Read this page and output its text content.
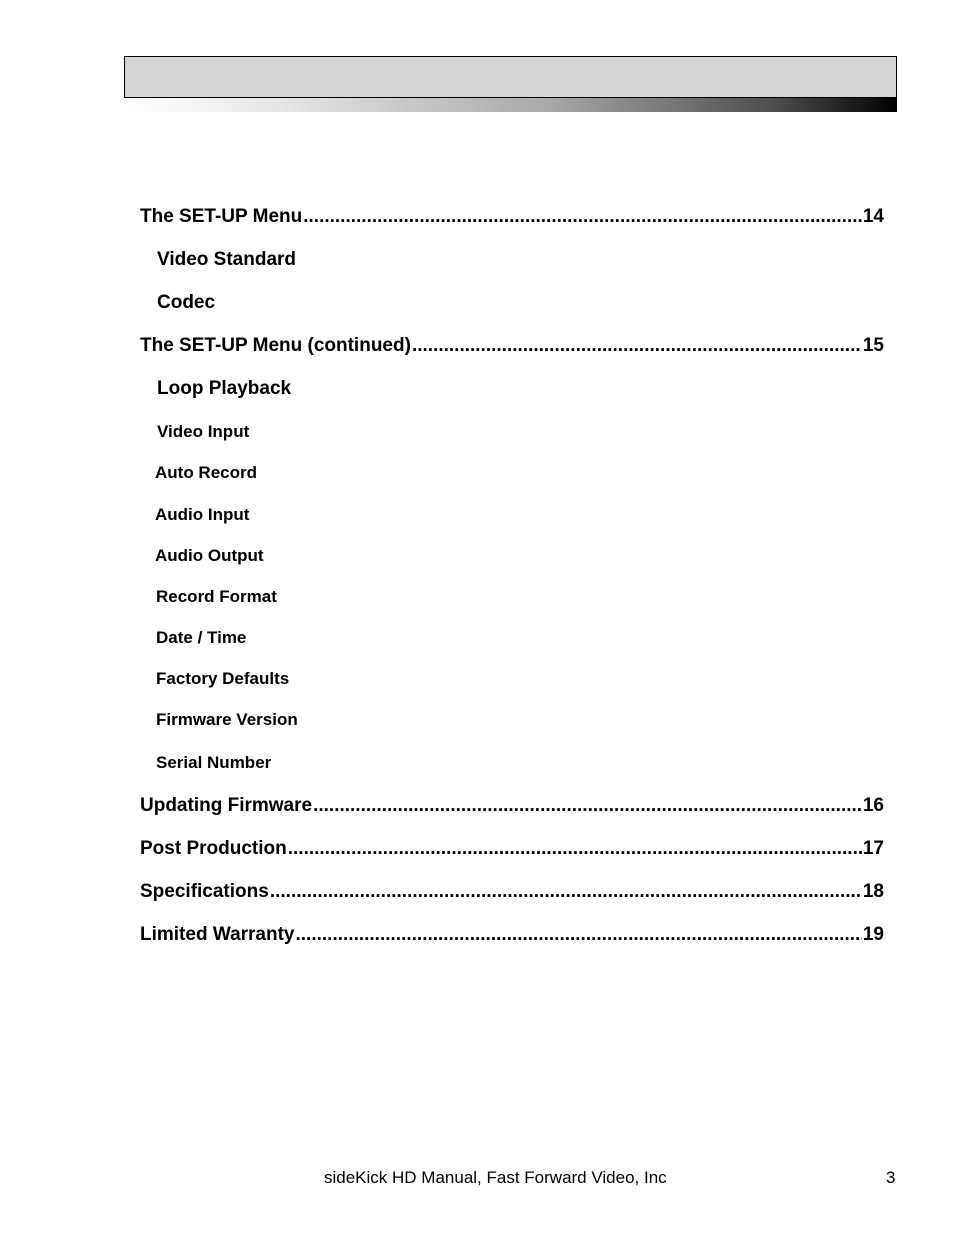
The SET-UP Menu .....	14
Video Standard
Codec
The SET-UP Menu (continued) .....	15
Loop Playback
Video Input
Auto Record
Audio Input
Audio Output
Record Format
Date / Time
Factory Defaults
Firmware Version
Serial Number
Updating Firmware .....	16
Post Production .....	17
Specifications .....	18
Limited Warranty .....	19
sideKick HD Manual, Fast Forward Video, Inc	3
